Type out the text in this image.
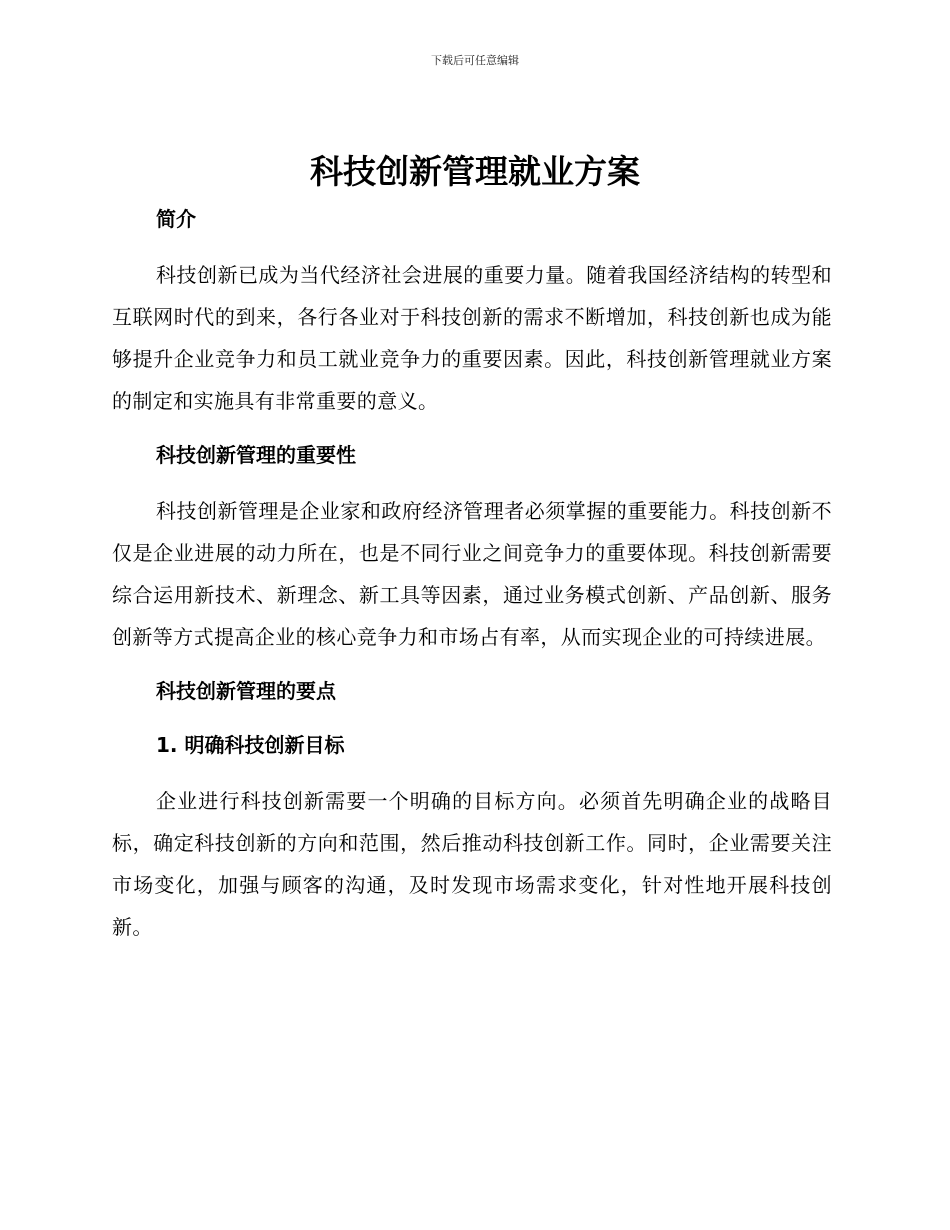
下载后可任意编辑
科技创新管理就业方案
简介

科技创新已成为当代经济社会进展的重要力量。随着我国经济结构的转型和互联网时代的到来，各行各业对于科技创新的需求不断增加，科技创新也成为能够提升企业竞争力和员工就业竞争力的重要因素。因此，科技创新管理就业方案的制定和实施具有非常重要的意义。

科技创新管理的重要性

科技创新管理是企业家和政府经济管理者必须掌握的重要能力。科技创新不仅是企业进展的动力所在，也是不同行业之间竞争力的重要体现。科技创新需要综合运用新技术、新理念、新工具等因素，通过业务模式创新、产品创新、服务创新等方式提高企业的核心竞争力和市场占有率，从而实现企业的可持续进展。

科技创新管理的要点
1. 明确科技创新目标

企业进行科技创新需要一个明确的目标方向。必须首先明确企业的战略目标，确定科技创新的方向和范围，然后推动科技创新工作。同时，企业需要关注市场变化，加强与顾客的沟通，及时发现市场需求变化，针对性地开展科技创新。
